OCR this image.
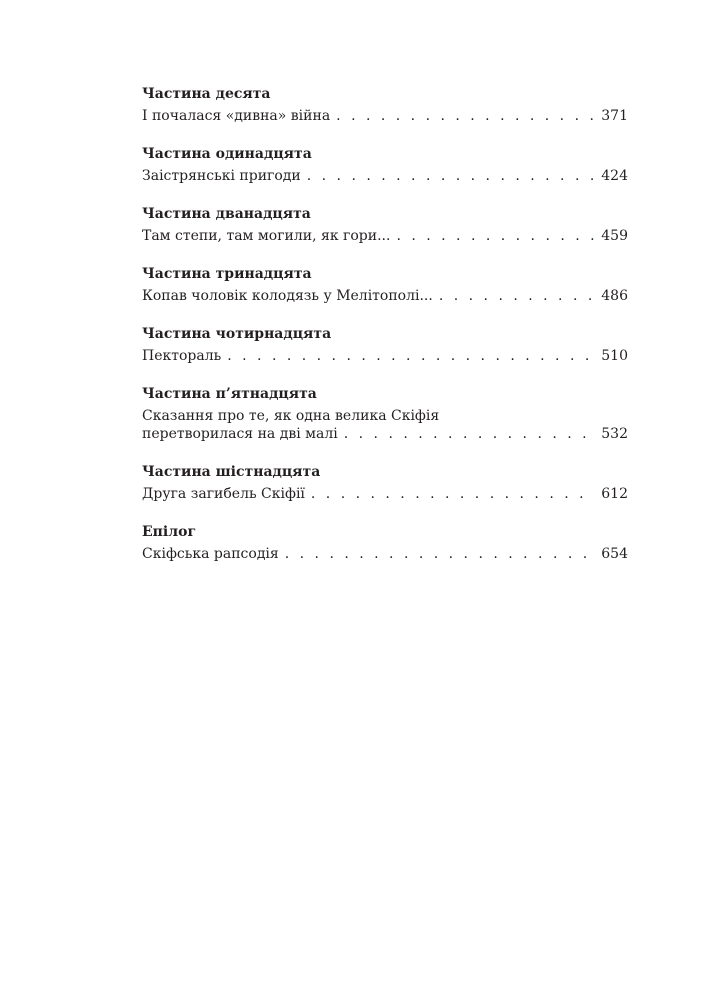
Частина десята
І почалася «дивна» війна . . .	371
Частина одинадцята
Заістрянські пригоди . . .	424
Частина дванадцята
Там степи, там могили, як гори... . . .	459
Частина тринадцята
Копав чоловік колодязь у Мелітополі... . . .	486
Частина чотирнадцята
Пектораль . . .	510
Частина п’ятнадцята
Сказання про те, як одна велика Скіфія
перетворилася на дві малі . . .	532
Частина шістнадцята
Друга загибель Скіфії . . .	612
Епілог
Скіфська рапсодія . . .	654
